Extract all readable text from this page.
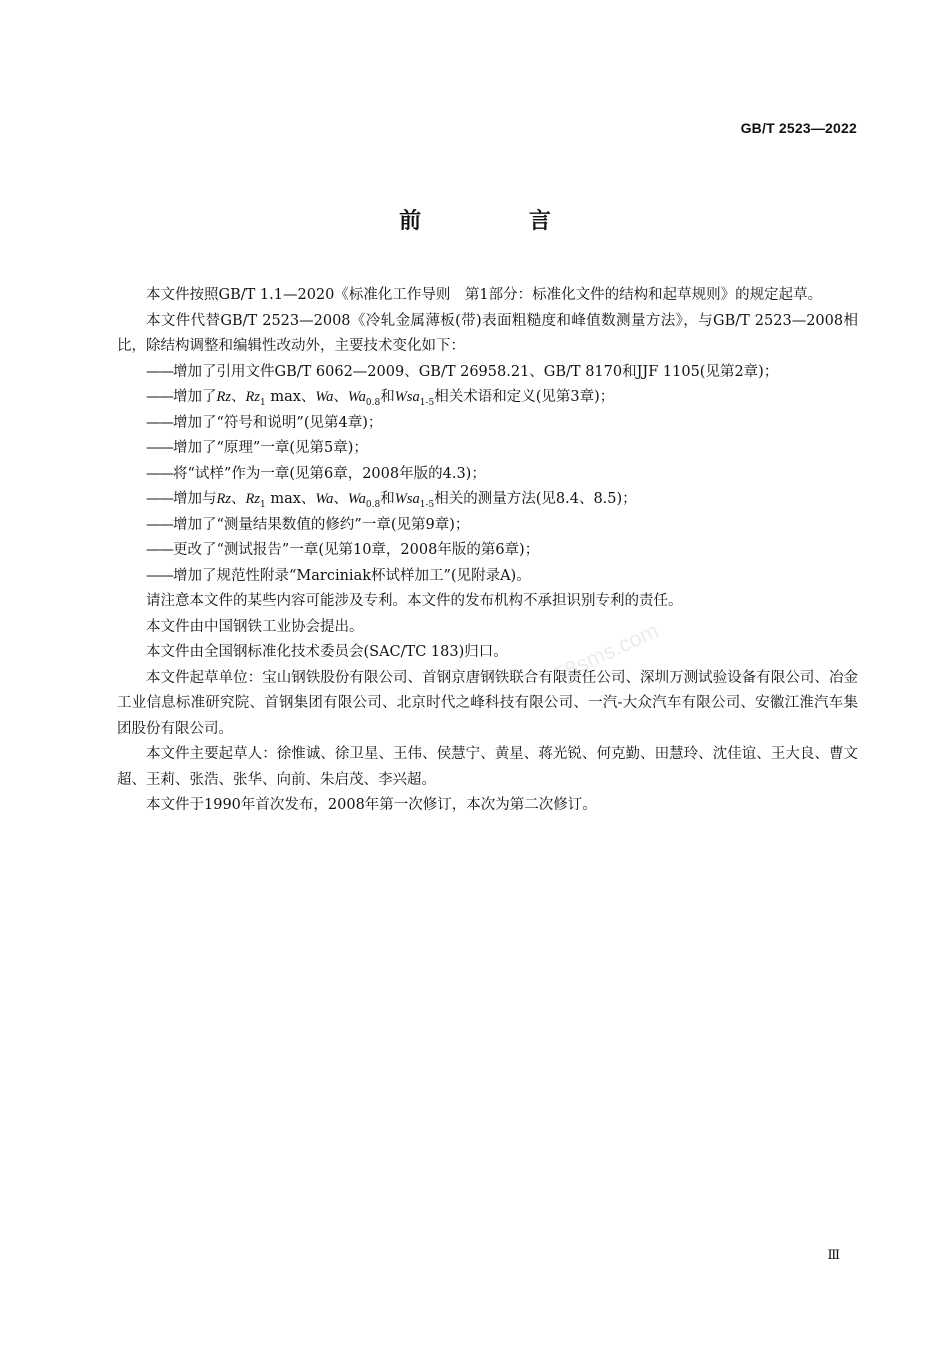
GB/T 2523—2022
前 言
58sms.com

本文件按照GB/T 1.1—2020《标准化工作导则　第1部分：标准化文件的结构和起草规则》的规定起草。

本文件代替GB/T 2523—2008《冷轧金属薄板(带)表面粗糙度和峰值数测量方法》，与GB/T 2523—2008相比，除结构调整和编辑性改动外，主要技术变化如下：

——增加了引用文件GB/T 6062—2009、GB/T 26958.21、GB/T 8170和JJF 1105(见第2章)；

——增加了Rz、$Rz_1$ max、Wa、$Wa_{0.8}$和Wsa$_{1-5}$相关术语和定义(见第3章)；

——增加了“符号和说明”(见第4章)；

——增加了“原理”一章(见第5章)；

——将“试样”作为一章(见第6章，2008年版的4.3)；

——增加与Rz、$Rz_1$ max、Wa、$Wa_{0.8}$和Wsa$_{1-5}$相关的测量方法(见8.4、8.5)；

——增加了“测量结果数值的修约”一章(见第9章)；

——更改了“测试报告”一章(见第10章，2008年版的第6章)；

——增加了规范性附录“Marciniak杯试样加工”(见附录A)。

请注意本文件的某些内容可能涉及专利。本文件的发布机构不承担识别专利的责任。

本文件由中国钢铁工业协会提出。

本文件由全国钢标准化技术委员会(SAC/TC 183)归口。

本文件起草单位：宝山钢铁股份有限公司、首钢京唐钢铁联合有限责任公司、深圳万测试验设备有限公司、冶金工业信息标准研究院、首钢集团有限公司、北京时代之峰科技有限公司、一汽-大众汽车有限公司、安徽江淮汽车集团股份有限公司。

本文件主要起草人：徐惟诚、徐卫星、王伟、侯慧宁、黄星、蒋光锐、何克勤、田慧玲、沈佳谊、王大良、曹文超、王莉、张浩、张华、向前、朱启茂、李兴超。

本文件于1990年首次发布，2008年第一次修订，本次为第二次修订。

Ⅲ
